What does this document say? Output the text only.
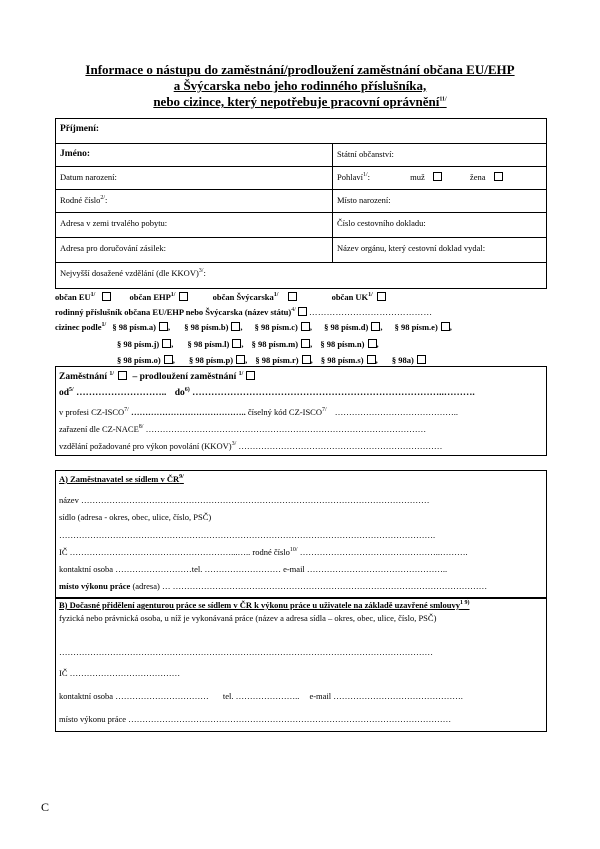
Informace o nástupu do zaměstnání/prodloužení zaměstnání občana EU/EHP
a Švýcarska nebo jeho rodinného příslušníka,
nebo cizince, který nepotřebuje pracovní oprávnění$^{11/}$
Příjmení:
Jméno:	Státní občanství:
Datum narození:	Pohlaví$^{1/}$:	muž	žena
Rodné číslo$^{2/}$:	Místo narození:
Adresa v zemi trvalého pobytu:	Číslo cestovního dokladu:
Adresa pro doručování zásilek:	Název orgánu, který cestovní doklad vydal:
Nejvyšší dosažené vzdělání (dle KKOV)$^{3/}$:
občan $EU^{1/}$	občan $EHP^{1/}$	občan Švýcarska$^{1/}$	občan $UK^{1/}$
rodinný příslušník občana EU/EHP nebo Švýcarska (název státu)$^{4/}$ ……………………………………
cizinec podle$^{1/}$ § 98 písm.a) , § 98 písm.b) , § 98 písm.c) , § 98 písm.d) , § 98 písm.e) ,
§ 98 písm.j) , § 98 písm.l) , § 98 písm.m) , § 98 písm.n) ,
§ 98 písm.o) , § 98 písm.p) , § 98 písm.r) , § 98 písm.s) , § 98a)
Zaměstnání $^{1/}$ – prodloužení zaměstnání $^{1/}$
$od^{5/}$ ……………………….. $do^{6)}$ ……………………………………………………………………..……….
v profesi $CZ-ISCO^{7/}$ ………………………………….. číselný kód $CZ-ISCO^{7/}$ ……………………………………..
zařazení dle $CZ-NACE^{8/}$ ………………………………………………………………………………………
vzdělání požadované pro výkon povolání (KKOV)$^{3/}$ ………………………………………………………………
A) Zaměstnavatel se sídlem v $ČR^{9/}$
název ……………………………………………………………………………………………………………
sídlo (adresa - okres, obec, ulice, číslo, PSČ)
…………………………………………………………………………………………………………………….
IČ …………………………………………………...….. rodné číslo$^{10/}$ …………………………………………..……….
kontaktní osoba ………………………tel. ……………………… e-mail …………………………………………..
místo výkonu práce (adresa) … …………………………………………………………………………………………………
B) Dočasné přidělení agenturou práce se sídlem v ČR k výkonu práce u uživatele na základě uzavřené smlouvy$^{1 9)}$
fyzická nebo právnická osoba, u níž je vykonávaná práce (název a adresa sídla – okres, obec, ulice, číslo, PSČ)
……………………………………………………………………………………………………………………
IČ …………………………………
kontaktní osoba …………………………… tel. ………………….. e-mail ……………………………………….
místo výkonu práce ……………………………………………………………………………………………………
C
